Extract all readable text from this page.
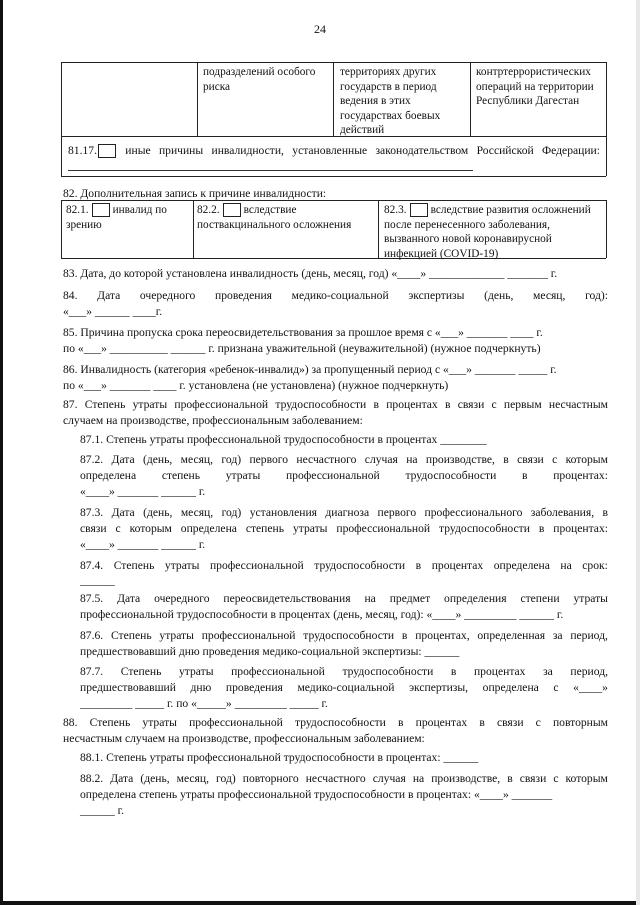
24
подразделений особого
риска
территориях других
государств в период
ведения в этих
государствах боевых
действий
контртеррористических
операций на территории
Республики Дагестан
81.17. иные причины инвалидности, установленные законодательством Российской Федерации:
82. Дополнительная запись к причине инвалидности:
82.1. инвалид по
зрению
82.2. вследствие
поствакцинального осложнения
82.3. вследствие развития осложнений
после перенесенного заболевания,
вызванного новой коронавирусной
инфекцией (COVID-19)
83. Дата, до которой установлена инвалидность (день, месяц, год) «____» _____________ _______ г.
84. Дата очередного проведения медико-социальной экспертизы (день, месяц, год):
«___» ______ ____г.
85. Причина пропуска срока переосвидетельствования за прошлое время с «___» _______ ____ г.
по «___» __________ ______ г. признана уважительной (неуважительной) (нужное подчеркнуть)
86. Инвалидность (категория «ребенок-инвалид») за пропущенный период с «___» _______ _____ г.
по «___» _______ ____ г. установлена (не установлена) (нужное подчеркнуть)
87. Степень утраты профессиональной трудоспособности в процентах в связи с первым несчастным
случаем на производстве, профессиональным заболеванием:
87.1. Степень утраты профессиональной трудоспособности в процентах ________
87.2. Дата (день, месяц, год) первого несчастного случая на производстве, в связи с которым
определена степень утраты профессиональной трудоспособности в процентах:
«____» _______ ______ г.
87.3. Дата (день, месяц, год) установления диагноза первого профессионального заболевания, в
связи с которым определена степень утраты профессиональной трудоспособности в процентах:
«____» _______ ______ г.
87.4. Степень утраты профессиональной трудоспособности в процентах определена на срок:
______
87.5. Дата очередного переосвидетельствования на предмет определения степени утраты
профессиональной трудоспособности в процентах (день, месяц, год): «____» _________ ______ г.
87.6. Степень утраты профессиональной трудоспособности в процентах, определенная за период,
предшествовавший дню проведения медико-социальной экспертизы: ______
87.7. Степень утраты профессиональной трудоспособности в процентах за период,
предшествовавший дню проведения медико-социальной экспертизы, определена с «____»
_________ _____ г. по «_____» _________ _____ г.
88. Степень утраты профессиональной трудоспособности в процентах в связи с повторным
несчастным случаем на производстве, профессиональным заболеванием:
88.1. Степень утраты профессиональной трудоспособности в процентах: ______
88.2. Дата (день, месяц, год) повторного несчастного случая на производстве, в связи с которым
определена степень утраты профессиональной трудоспособности в процентах: «____» _______
______ г.
